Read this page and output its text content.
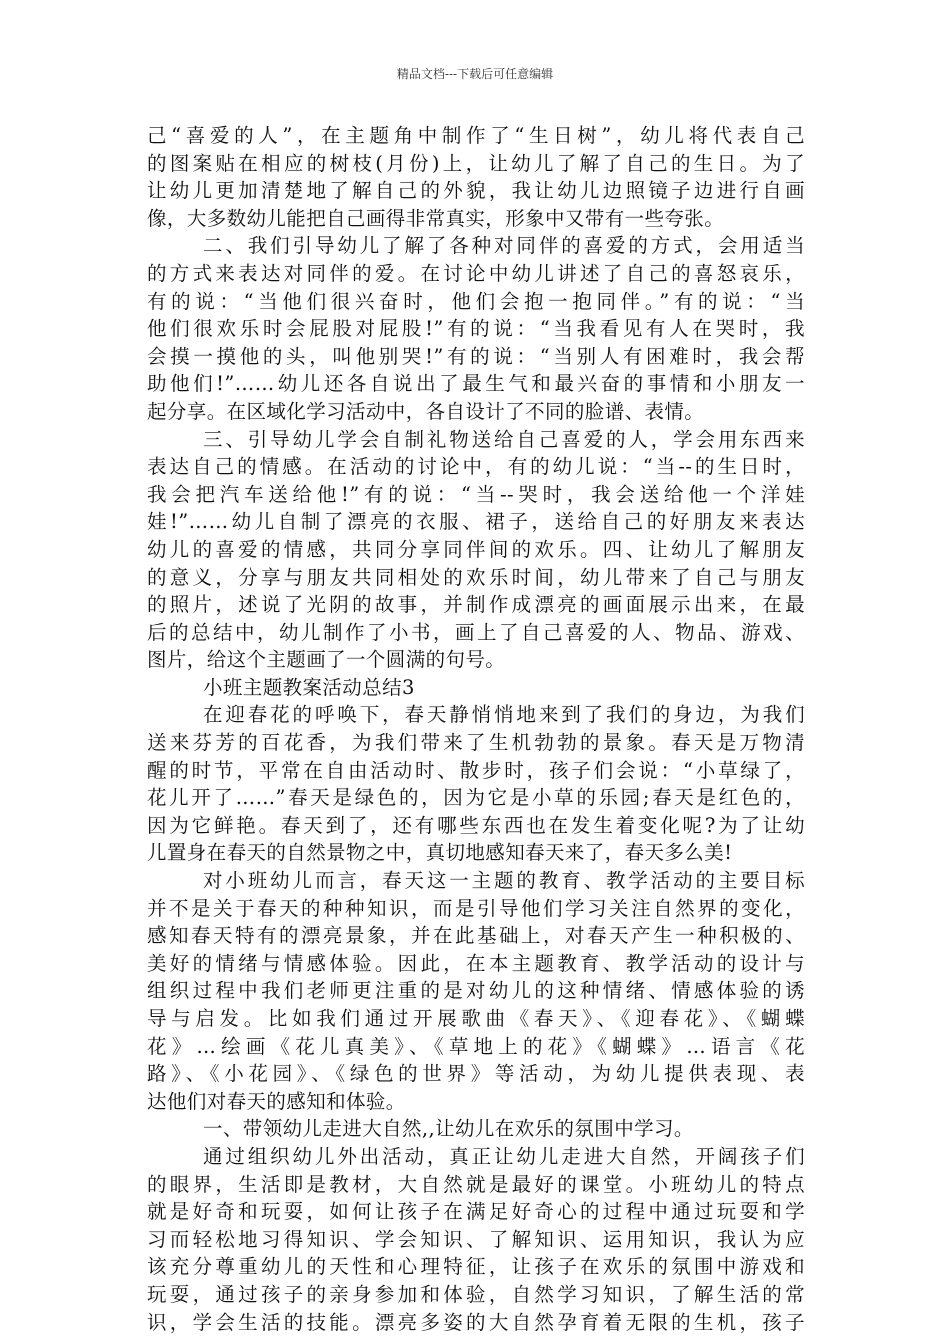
精品文档---下载后可任意编辑
己“喜爱的人”，在主题角中制作了“生日树”，幼儿将代表自己
的图案贴在相应的树枝(月份)上，让幼儿了解了自己的生日。为了
让幼儿更加清楚地了解自己的外貌，我让幼儿边照镜子边进行自画
像，大多数幼儿能把自己画得非常真实，形象中又带有一些夸张。
二、我们引导幼儿了解了各种对同伴的喜爱的方式，会用适当
的方式来表达对同伴的爱。在讨论中幼儿讲述了自己的喜怒哀乐，
有的说：“当他们很兴奋时，他们会抱一抱同伴。”有的说：“当
他们很欢乐时会屁股对屁股!”有的说：“当我看见有人在哭时，我
会摸一摸他的头，叫他别哭!”有的说：“当别人有困难时，我会帮
助他们!”……幼儿还各自说出了最生气和最兴奋的事情和小朋友一
起分享。在区域化学习活动中，各自设计了不同的脸谱、表情。
三、引导幼儿学会自制礼物送给自己喜爱的人，学会用东西来
表达自己的情感。在活动的讨论中，有的幼儿说：“当--的生日时，
我会把汽车送给他!”有的说：“当--哭时，我会送给他一个洋娃
娃!”……幼儿自制了漂亮的衣服、裙子，送给自己的好朋友来表达
幼儿的喜爱的情感，共同分享同伴间的欢乐。四、让幼儿了解朋友
的意义，分享与朋友共同相处的欢乐时间，幼儿带来了自己与朋友
的照片，述说了光阴的故事，并制作成漂亮的画面展示出来，在最
后的总结中，幼儿制作了小书，画上了自己喜爱的人、物品、游戏、
图片，给这个主题画了一个圆满的句号。
小班主题教案活动总结3
在迎春花的呼唤下，春天静悄悄地来到了我们的身边，为我们
送来芬芳的百花香，为我们带来了生机勃勃的景象。春天是万物清
醒的时节，平常在自由活动时、散步时，孩子们会说：“小草绿了，
花儿开了……”春天是绿色的，因为它是小草的乐园;春天是红色的，
因为它鲜艳。春天到了，还有哪些东西也在发生着变化呢?为了让幼
儿置身在春天的自然景物之中，真切地感知春天来了，春天多么美!
对小班幼儿而言，春天这一主题的教育、教学活动的主要目标
并不是关于春天的种种知识，而是引导他们学习关注自然界的变化，
感知春天特有的漂亮景象，并在此基础上，对春天产生一种积极的、
美好的情绪与情感体验。因此，在本主题教育、教学活动的设计与
组织过程中我们老师更注重的是对幼儿的这种情绪、情感体验的诱
导与启发。比如我们通过开展歌曲《春天》、《迎春花》、《蝴蝶
花》…绘画《花儿真美》、《草地上的花》《蝴蝶》…语言《花
路》、《小花园》、《绿色的世界》等活动，为幼儿提供表现、表
达他们对春天的感知和体验。
一、带领幼儿走进大自然,,让幼儿在欢乐的氛围中学习。
通过组织幼儿外出活动，真正让幼儿走进大自然，开阔孩子们
的眼界，生活即是教材，大自然就是最好的课堂。小班幼儿的特点
就是好奇和玩耍，如何让孩子在满足好奇心的过程中通过玩耍和学
习而轻松地习得知识、学会知识、了解知识、运用知识，我认为应
该充分尊重幼儿的天性和心理特征，让孩子在欢乐的氛围中游戏和
玩耍，通过孩子的亲身参加和体验，自然学习知识，了解生活的常
识，学会生活的技能。漂亮多姿的大自然孕育着无限的生机，孩子
